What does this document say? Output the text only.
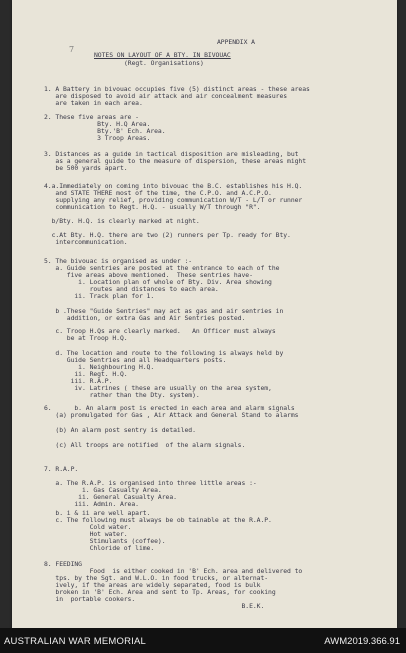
APPENDIX A
7
NOTES ON LAYOUT OF A BTY. IN BIVOUAC
(Regt. Organisations)
1. A Battery in bivouac occupies five (5) distinct areas - these areas
are disposed to avoid air attack and air concealment measures
are taken in each area.
2. These five areas are -
Bty. H.Q Area.
Bty.'B' Ech. Area.
3 Troop Areas.
3. Distances as a guide in tactical disposition are misleading, but
as a general guide to the measure of dispersion, these areas might
be 500 yards apart.
4.a.Immediately on coming into bivouac the B.C. establishes his H.Q.
and STATE THERE most of the time, the C.P.O. and A.C.P.O.
supplying any relief, providing communication W/T - L/T or runner
communication to Regt. H.Q. - usually W/T through "R".
b/Bty. H.Q. is clearly marked at night.
c.At Bty. H.Q. there are two (2) runners per Tp. ready for Bty.
intercommunication.
5. The bivouac is organised as under :-
a. Guide sentries are posted at the entrance to each of the
five areas above mentioned.  These sentries have-
i. Location plan of whole of Bty. Div. Area showing
routes and distances to each area.
ii. Track plan for 1.
b .These "Guide Sentries" may act as gas and air sentries in
addition, or extra Gas and Air Sentries posted.
c. Troop H.Qs are clearly marked.   An Officer must always
be at Troop H.Q.
d. The location and route to the following is always held by
Guide Sentries and all Headquarters posts.
i. Neighbouring H.Q.
ii. Regt. H.Q.
iii. R.A.P.
iv. Latrines ( these are usually on the area system,
rather than the Dty. system).
6.      b. An alarm post is erected in each area and alarm signals
(a) promulgated for Gas , Air Attack and General Stand to alarms
(b) An alarm post sentry is detailed.
(c) All troops are notified  of the alarm signals.
7. R.A.P.
a. The R.A.P. is organised into three little areas :-
i. Gas Casualty Area.
ii. General Casualty Area.
iii. Admin. Area.
b. i & ii are well apart.
c. The following must always be ob tainable at the R.A.P.
Cold water.
Hot water.
Stimulants (coffee).
Chloride of lime.
8. FEEDING
Food  is either cooked in 'B' Ech. area and delivered to
tps. by the Sgt. and W.L.O. in food trucks, or alternat-
ively, if the areas are widely separated, food is bulk
broken in 'B' Ech. Area and sent to Tp. Areas, for cooking
in  portable cookers.
B.E.K.
AUSTRALIAN WAR MEMORIAL	AWM2019.366.91
